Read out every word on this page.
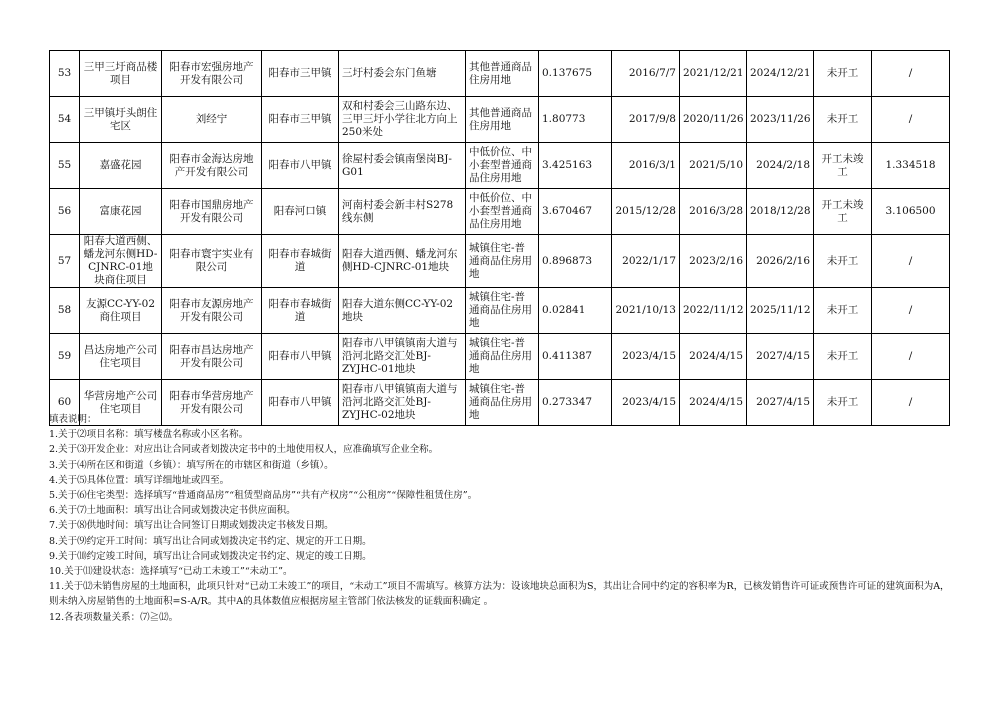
53	三甲三圩商品楼项目	阳春市宏强房地产开发有限公司	阳春市三甲镇	三圩村委会东门鱼塘	其他普通商品住房用地	0.137675	2016/7/7	2021/12/21	2024/12/21	未开工	/
54	三甲镇圩头朗住宅区	刘经宁	阳春市三甲镇	双和村委会三山路东边、三甲三圩小学往北方向上250米处	其他普通商品住房用地	1.80773	2017/9/8	2020/11/26	2023/11/26	未开工	/
55	嘉盛花园	阳春市金海达房地产开发有限公司	阳春市八甲镇	徐屋村委会镇南堡岗BJ-G01	中低价位、中小套型普通商品住房用地	3.425163	2016/3/1	2021/5/10	2024/2/18	开工未竣工	1.334518
56	富康花园	阳春市国鼎房地产开发有限公司	阳春河口镇	河南村委会新丰村S278线东侧	中低价位、中小套型普通商品住房用地	3.670467	2015/12/28	2016/3/28	2018/12/28	开工未竣工	3.106500
57	阳春大道西侧、蟠龙河东侧HD-CJNRC-01地块商住项目	阳春市寰宇实业有限公司	阳春市春城街道	阳春大道西侧、蟠龙河东侧HD-CJNRC-01地块	城镇住宅-普通商品住房用地	0.896873	2022/1/17	2023/2/16	2026/2/16	未开工	/
58	友源CC-YY-02商住项目	阳春市友源房地产开发有限公司	阳春市春城街道	阳春大道东侧CC-YY-02地块	城镇住宅-普通商品住房用地	0.02841	2021/10/13	2022/11/12	2025/11/12	未开工	/
59	昌达房地产公司住宅项目	阳春市昌达房地产开发有限公司	阳春市八甲镇	阳春市八甲镇镇南大道与沿河北路交汇处BJ-ZYJHC-01地块	城镇住宅-普通商品住房用地	0.411387	2023/4/15	2024/4/15	2027/4/15	未开工	/
60	华营房地产公司住宅项目	阳春市华营房地产开发有限公司	阳春市八甲镇	阳春市八甲镇镇南大道与沿河北路交汇处BJ-ZYJHC-02地块	城镇住宅-普通商品住房用地	0.273347	2023/4/15	2024/4/15	2027/4/15	未开工	/
填表说明：
1.关于⑵项目名称：填写楼盘名称或小区名称。
2.关于⑶开发企业：对应出让合同或者划拨决定书中的土地使用权人，应准确填写企业全称。
3.关于⑷所在区和街道（乡镇）：填写所在的市辖区和街道（乡镇）。
4.关于⑸具体位置：填写详细地址或四至。
5.关于⑹住宅类型：选择填写“普通商品房”“租赁型商品房”“共有产权房”“公租房”“保障性租赁住房”。
6.关于⑺土地面积：填写出让合同或划拨决定书供应面积。
7.关于⑻供地时间：填写出让合同签订日期或划拨决定书核发日期。
8.关于⑼约定开工时间：填写出让合同或划拨决定书约定、规定的开工日期。
9.关于⑽约定竣工时间，填写出让合同或划拨决定书约定、规定的竣工日期。
10.关于⑾建设状态：选择填写“已动工未竣工”“未动工”。
11.关于⑿未销售房屋的土地面积，此项只针对“已动工未竣工”的项目，“未动工”项目不需填写。核算方法为：设该地块总面积为S，其出让合同中约定的容积率为R，已核发销售许可证或预售许可证的建筑面积为A，则未纳入房屋销售的土地面积=S-A/R。其中A的具体数值应根据房屋主管部门依法核发的证载面积确定 。
12.各表项数量关系：⑺≧⑿。
